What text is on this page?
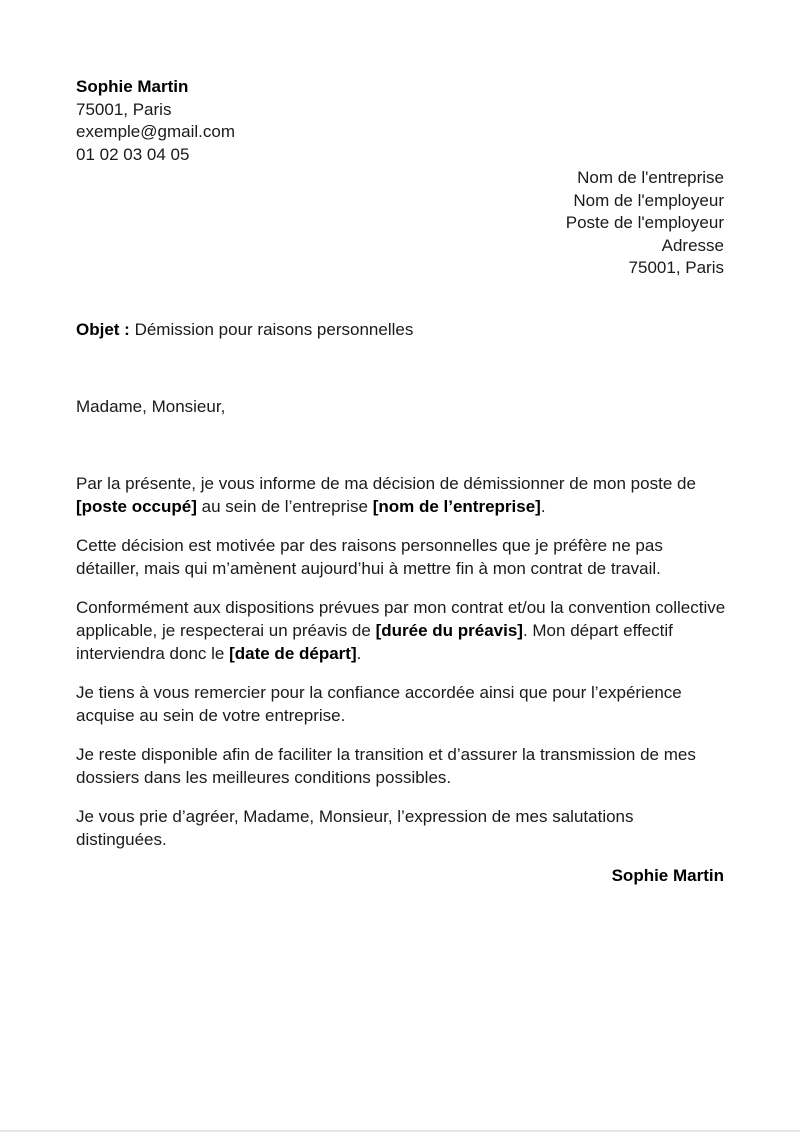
Sophie Martin
75001, Paris
exemple@gmail.com
01 02 03 04 05
Nom de l'entreprise
Nom de l'employeur
Poste de l'employeur
Adresse
75001, Paris
Objet : Démission pour raisons personnelles
Madame, Monsieur,

Par la présente, je vous informe de ma décision de démissionner de mon poste de [poste occupé] au sein de l’entreprise [nom de l’entreprise].

Cette décision est motivée par des raisons personnelles que je préfère ne pas détailler, mais qui m’amènent aujourd’hui à mettre fin à mon contrat de travail.

Conformément aux dispositions prévues par mon contrat et/ou la convention collective applicable, je respecterai un préavis de [durée du préavis]. Mon départ effectif interviendra donc le [date de départ].

Je tiens à vous remercier pour la confiance accordée ainsi que pour l’expérience acquise au sein de votre entreprise.

Je reste disponible afin de faciliter la transition et d’assurer la transmission de mes dossiers dans les meilleures conditions possibles.

Je vous prie d’agréer, Madame, Monsieur, l’expression de mes salutations distinguées.

Sophie Martin
